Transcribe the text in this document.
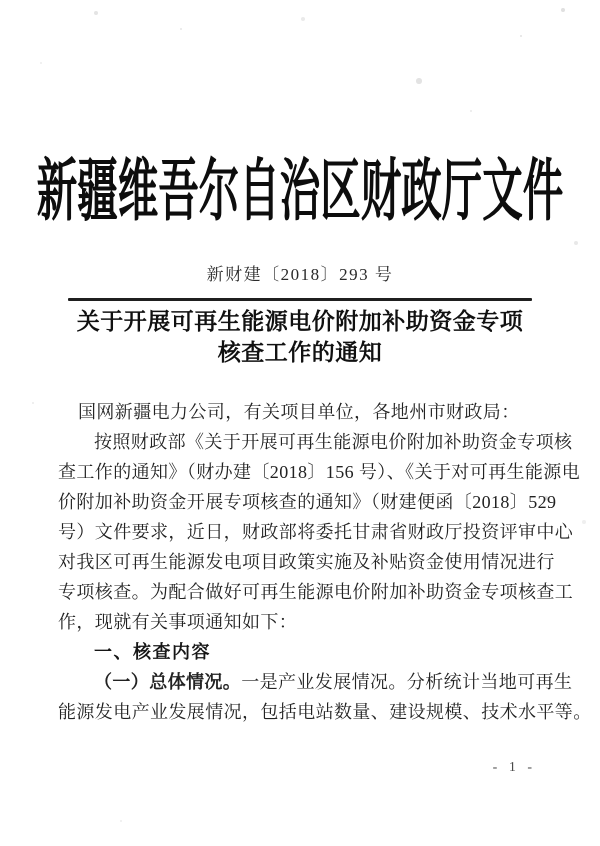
新疆维吾尔自治区财政厅文件
新财建〔2018〕293 号
关于开展可再生能源电价附加补助资金专项
核查工作的通知
国网新疆电力公司，有关项目单位，各地州市财政局：
按照财政部《关于开展可再生能源电价附加补助资金专项核
查工作的通知》（财办建〔2018〕156 号）、《关于对可再生能源电
价附加补助资金开展专项核查的通知》（财建便函〔2018〕529
号）文件要求，近日，财政部将委托甘肃省财政厅投资评审中心
对我区可再生能源发电项目政策实施及补贴资金使用情况进行
专项核查。为配合做好可再生能源电价附加补助资金专项核查工
作，现就有关事项通知如下：
一、核查内容
（一）总体情况。一是产业发展情况。分析统计当地可再生
能源发电产业发展情况，包括电站数量、建设规模、技术水平等。
- 1 -
